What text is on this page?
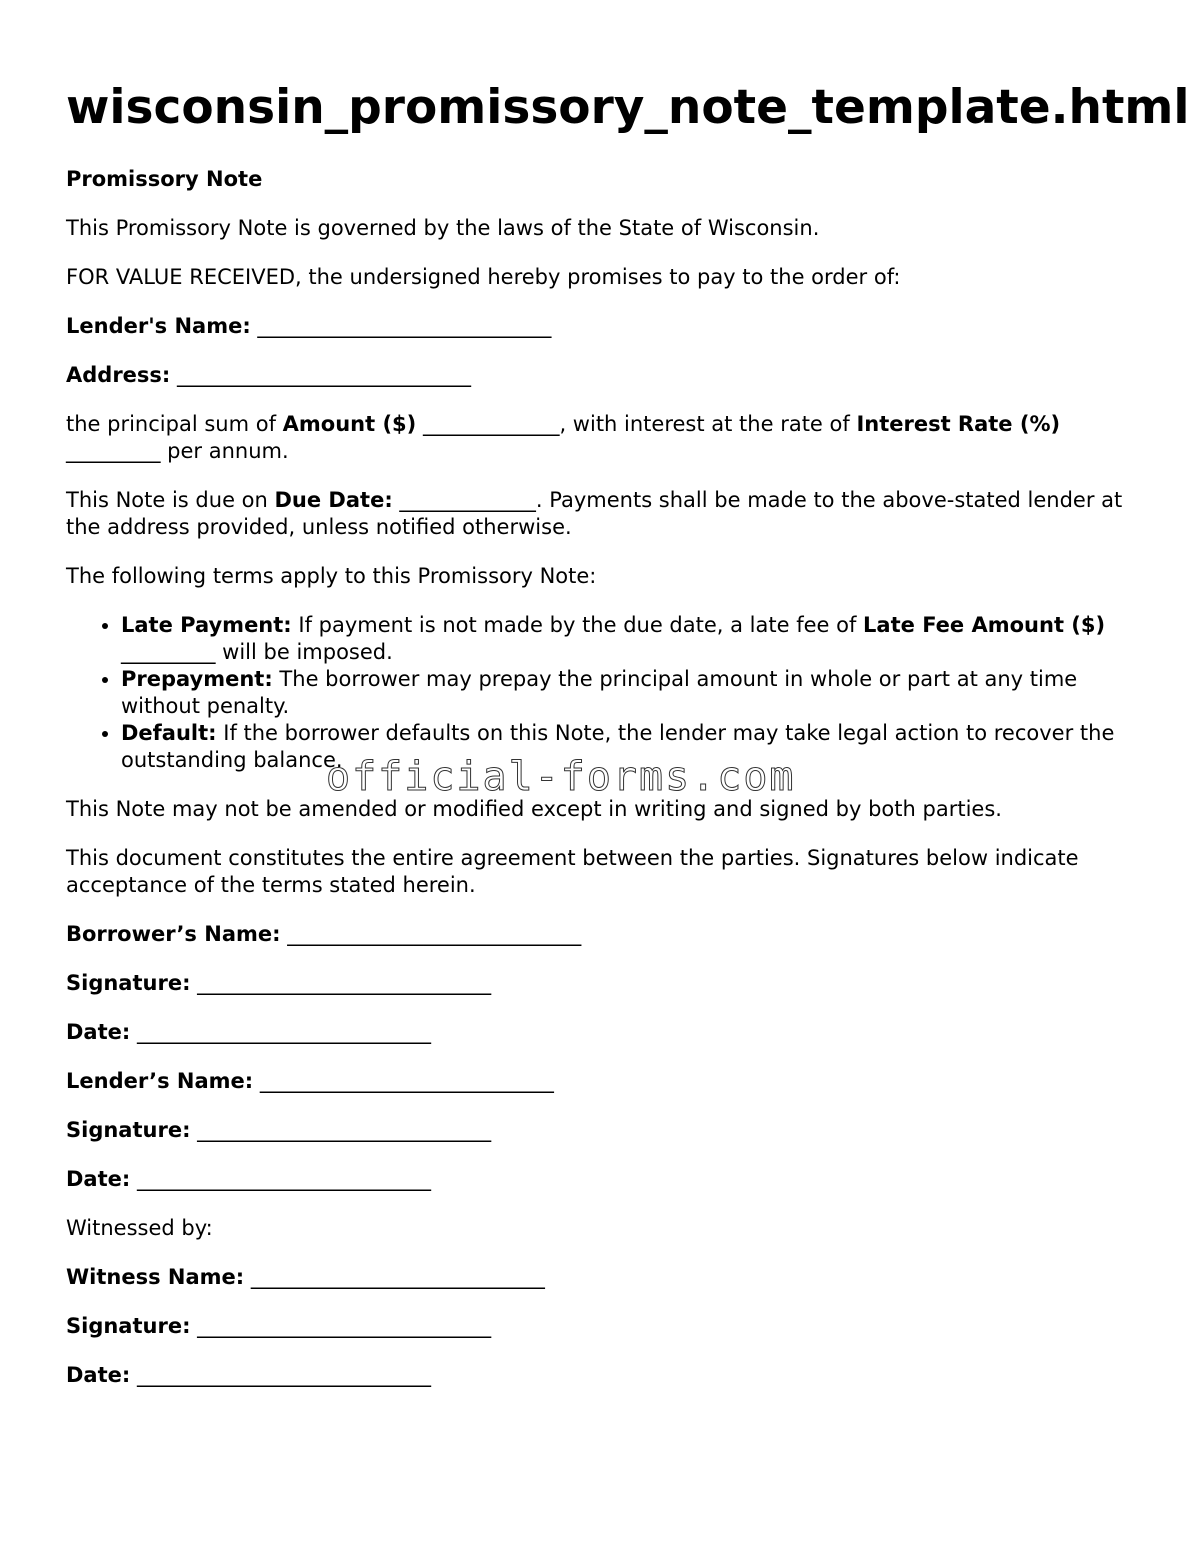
wisconsin_promissory_note_template.html

Promissory Note

This Promissory Note is governed by the laws of the State of Wisconsin.

FOR VALUE RECEIVED, the undersigned hereby promises to pay to the order of:

Lender's Name: ____________________________

Address: ____________________________

the principal sum of Amount ($) _____________, with interest at the rate of Interest Rate (%) _________ per annum.

This Note is due on Due Date: _____________. Payments shall be made to the above-stated lender at the address provided, unless notified otherwise.

The following terms apply to this Promissory Note:

• Late Payment: If payment is not made by the due date, a late fee of Late Fee Amount ($) _________ will be imposed.
• Prepayment: The borrower may prepay the principal amount in whole or part at any time without penalty.
• Default: If the borrower defaults on this Note, the lender may take legal action to recover the outstanding balance.

This Note may not be amended or modified except in writing and signed by both parties.

This document constitutes the entire agreement between the parties. Signatures below indicate acceptance of the terms stated herein.

Borrower’s Name: ____________________________

Signature: ____________________________

Date: ____________________________

Lender’s Name: ____________________________

Signature: ____________________________

Date: ____________________________

Witnessed by:

Witness Name: ____________________________

Signature: ____________________________

Date: ____________________________

official-forms.com
